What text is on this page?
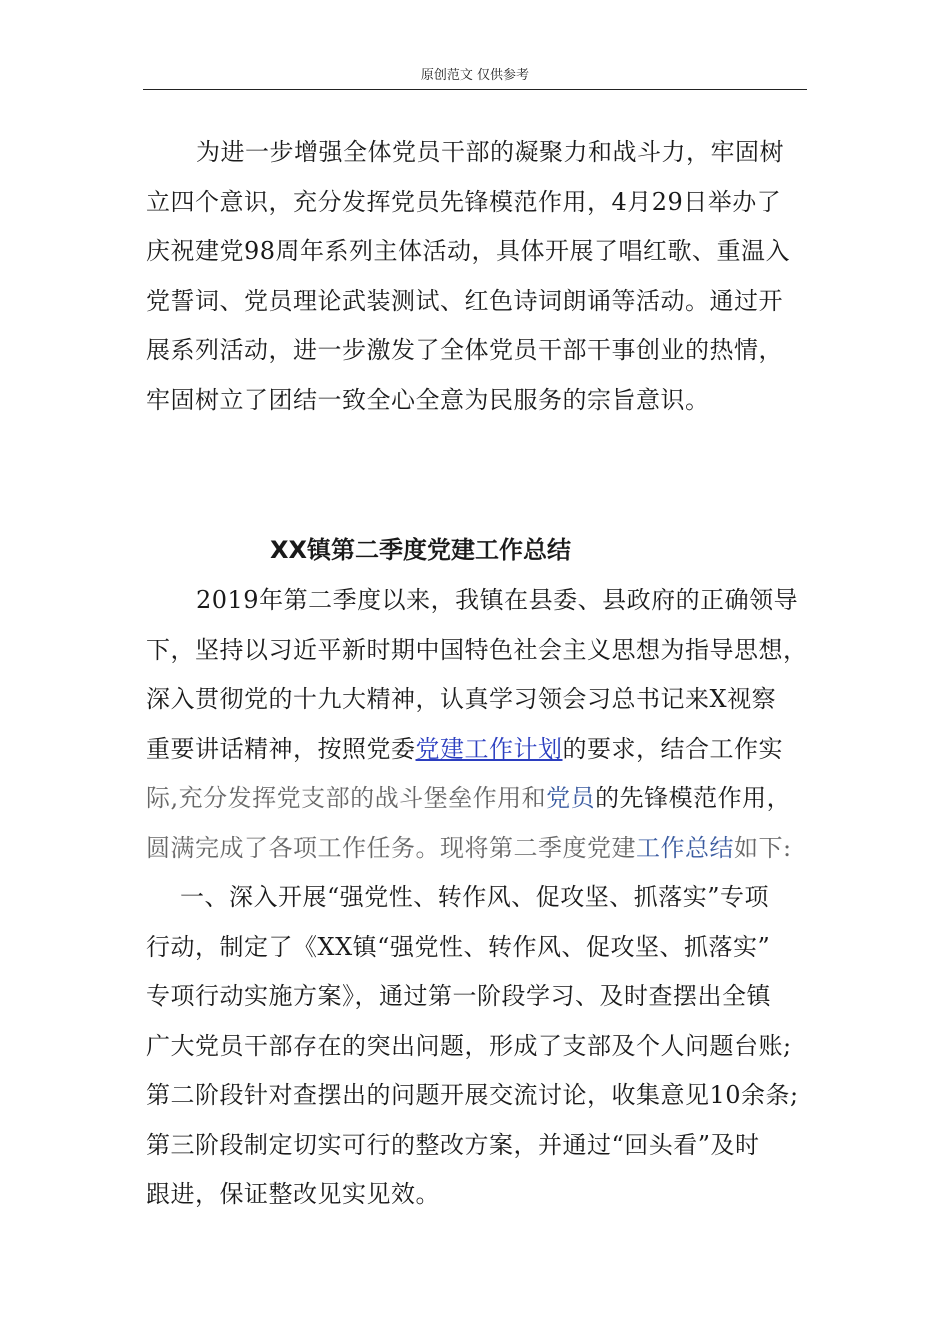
原创范文 仅供参考
为进一步增强全体党员干部的凝聚力和战斗力，牢固树
立四个意识，充分发挥党员先锋模范作用，4月29日举办了
庆祝建党98周年系列主体活动，具体开展了唱红歌、重温入
党誓词、党员理论武装测试、红色诗词朗诵等活动。通过开
展系列活动，进一步激发了全体党员干部干事创业的热情，
牢固树立了团结一致全心全意为民服务的宗旨意识。
XX镇第二季度党建工作总结
2019年第二季度以来，我镇在县委、县政府的正确领导
下，坚持以习近平新时期中国特色社会主义思想为指导思想，
深入贯彻党的十九大精神，认真学习领会习总书记来X视察
重要讲话精神，按照党委党建工作计划的要求，结合工作实
际,充分发挥党支部的战斗堡垒作用和党员的先锋模范作用，
圆满完成了各项工作任务。现将第二季度党建工作总结如下:
一、深入开展“强党性、转作风、促攻坚、抓落实”专项
行动，制定了《XX镇“强党性、转作风、促攻坚、抓落实”
专项行动实施方案》，通过第一阶段学习、及时查摆出全镇
广大党员干部存在的突出问题，形成了支部及个人问题台账;
第二阶段针对查摆出的问题开展交流讨论，收集意见10余条;
第三阶段制定切实可行的整改方案，并通过“回头看”及时
跟进，保证整改见实见效。
